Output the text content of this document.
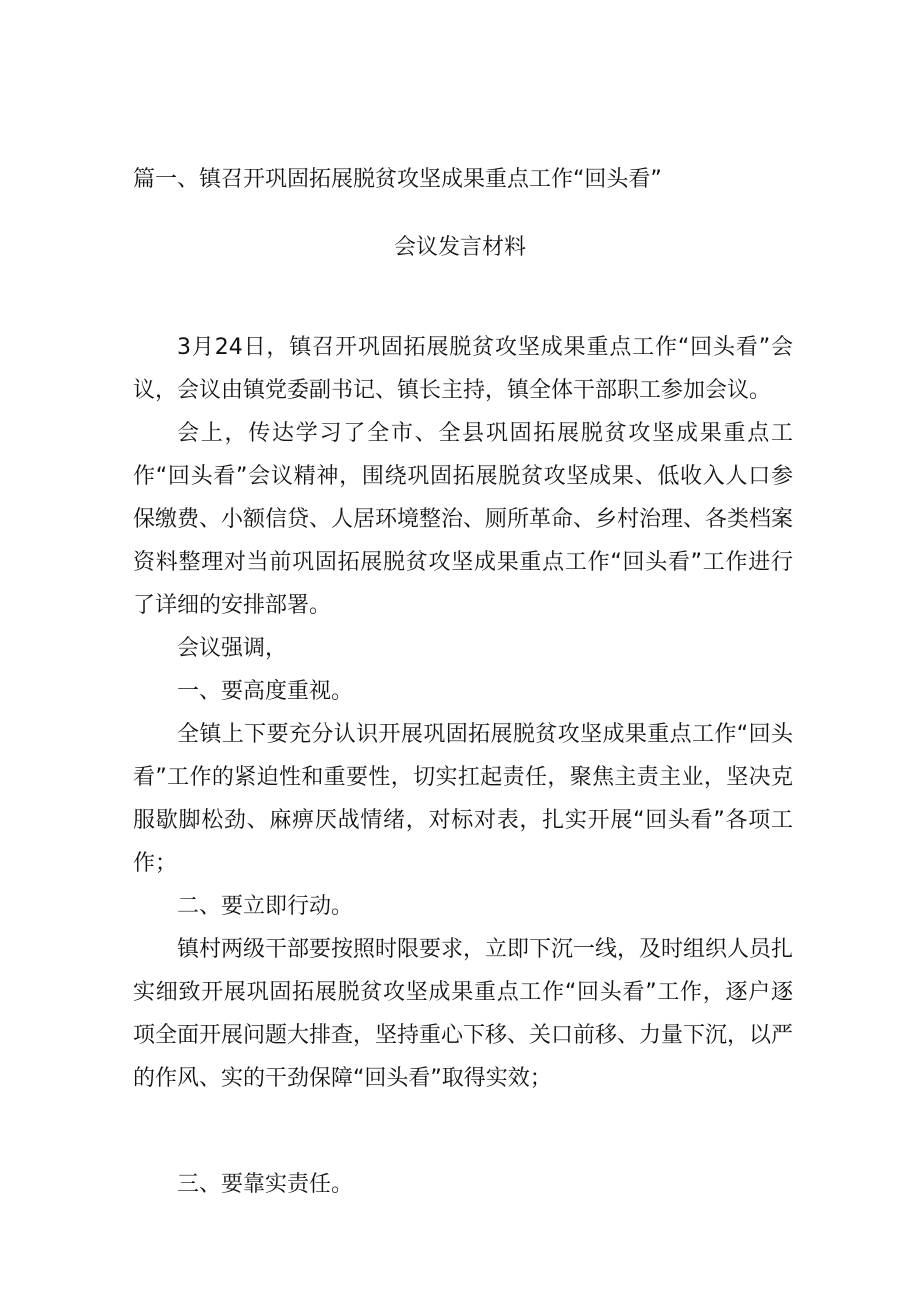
篇一、镇召开巩固拓展脱贫攻坚成果重点工作“回头看”
会议发言材料

3月24日，镇召开巩固拓展脱贫攻坚成果重点工作“回头看”会议，会议由镇党委副书记、镇长主持，镇全体干部职工参加会议。

会上，传达学习了全市、全县巩固拓展脱贫攻坚成果重点工作“回头看”会议精神，围绕巩固拓展脱贫攻坚成果、低收入人口参保缴费、小额信贷、人居环境整治、厕所革命、乡村治理、各类档案资料整理对当前巩固拓展脱贫攻坚成果重点工作“回头看”工作进行了详细的安排部署。

会议强调，

一、要高度重视。

全镇上下要充分认识开展巩固拓展脱贫攻坚成果重点工作“回头看”工作的紧迫性和重要性，切实扛起责任，聚焦主责主业，坚决克服歇脚松劲、麻痹厌战情绪，对标对表，扎实开展“回头看”各项工作；

二、要立即行动。

镇村两级干部要按照时限要求，立即下沉一线，及时组织人员扎实细致开展巩固拓展脱贫攻坚成果重点工作“回头看”工作，逐户逐项全面开展问题大排查，坚持重心下移、关口前移、力量下沉，以严的作风、实的干劲保障“回头看”取得实效；

三、要靠实责任。
